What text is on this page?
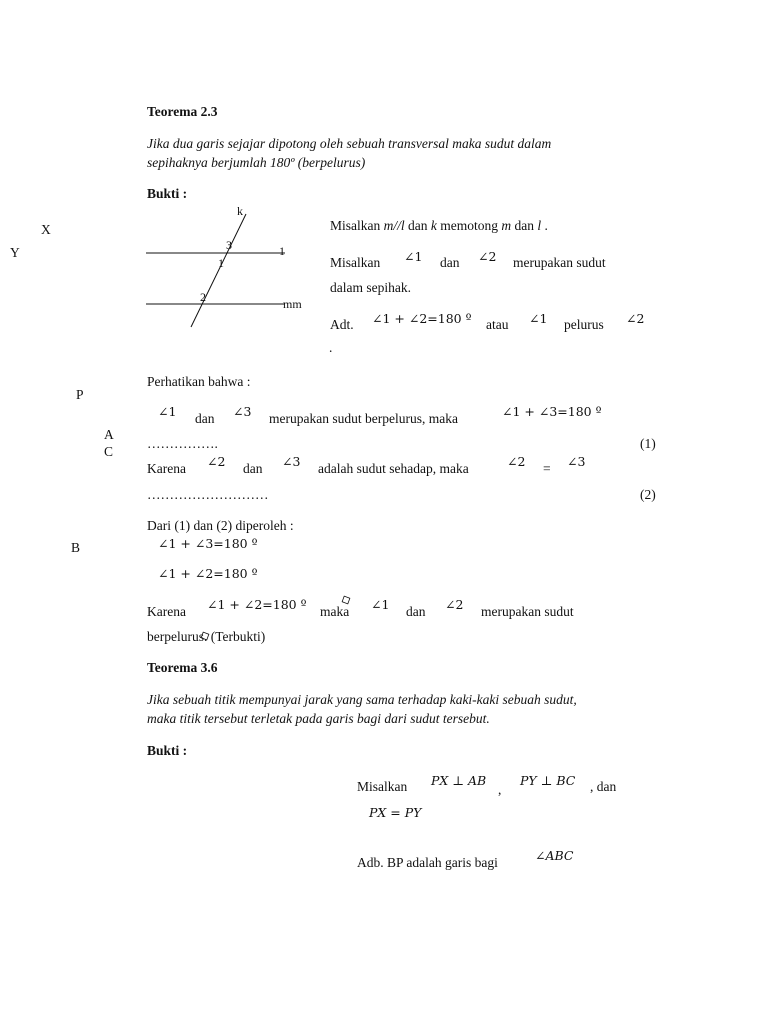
Teorema 2.3
Jika dua garis sejajar dipotong oleh sebuah transversal maka sudut dalam
sepihaknya berjumlah 180º (berpelurus)
Bukti :
k
1
mm
3
1
2
Misalkan m//l dan k memotong m dan l .
Misalkan ∠1 dan ∠2 merupakan sudut
dalam sepihak.
Adt. ∠1 + ∠2=180 º atau ∠1 pelurus ∠2
.
X
Y
P
A
C
B
Perhatikan bahwa :
∠1 dan ∠3 merupakan sudut berpelurus, maka	∠1 + ∠3=180 º
…………….	(1)
Karena ∠2 dan ∠3 adalah sudut sehadap, maka	∠2 = ∠3
………………………	(2)
Dari (1) dan (2) diperoleh :
∠1 + ∠3=180 º
∠1 + ∠2=180 º
Karena ∠1 + ∠2=180 º maka ∠1 dan ∠2 merupakan sudut
berpelurus. (Terbukti)
Teorema 3.6
Jika sebuah titik mempunyai jarak yang sama terhadap kaki-kaki sebuah sudut,
maka titik tersebut terletak pada garis bagi dari sudut tersebut.
Bukti :
Misalkan PX ⊥ AB
,
PY ⊥ BC , dan
PX = PY
Adb. BP adalah garis bagi	∠ABC
